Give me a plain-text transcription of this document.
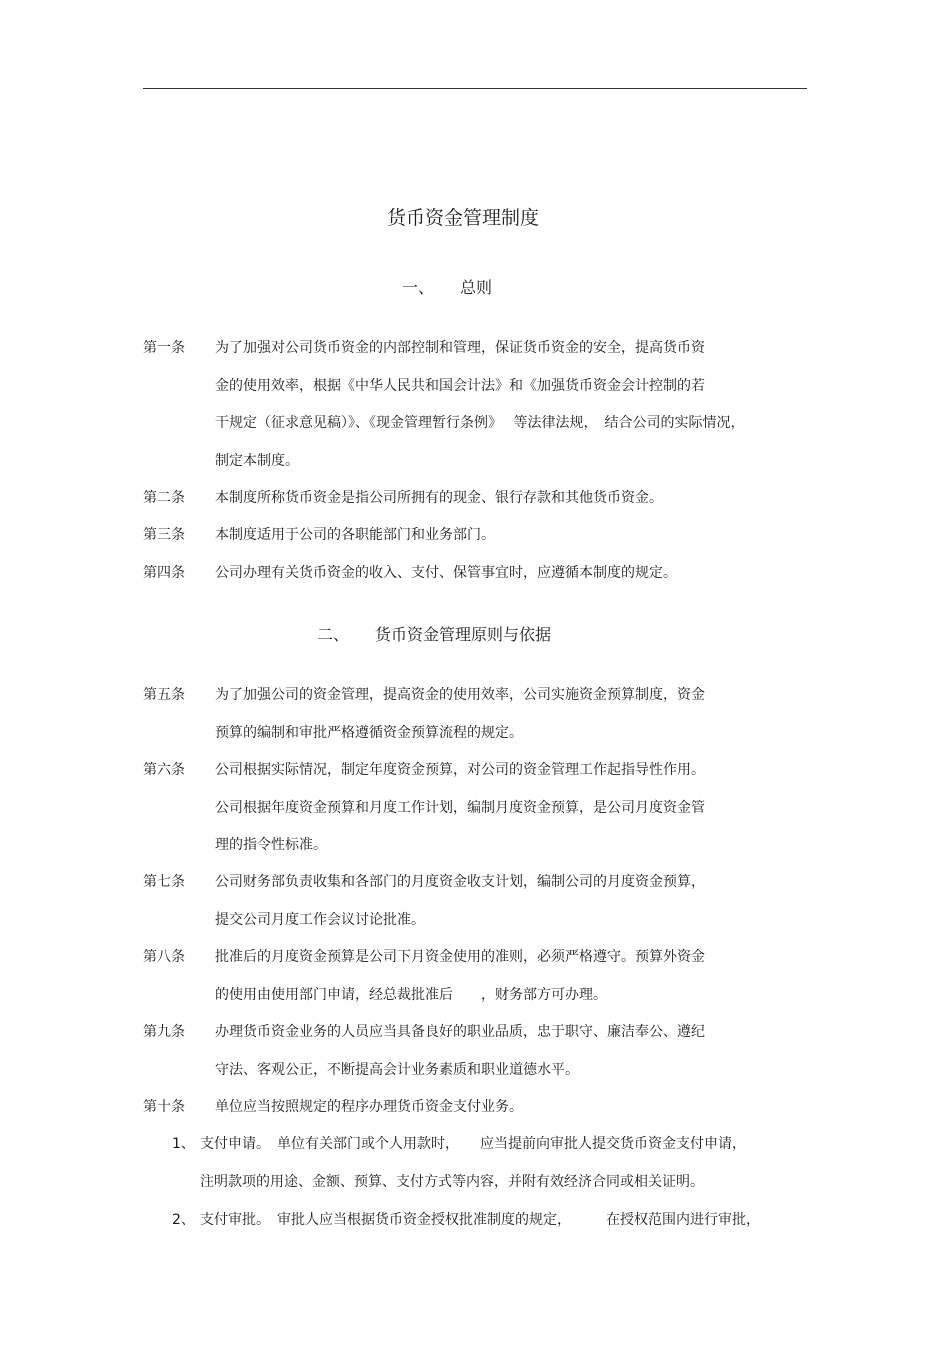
货币资金管理制度
一、 总则
二、 货币资金管理原则与依据
第一条 为了加强对公司货币资金的内部控制和管理，保证货币资金的安全，提高货币资
金的使用效率，根据《中华人民共和国会计法》和《加强货币资金会计控制的若
干规定（征求意见稿）》、《现金管理暂行条例》　 等法律法规，　结合公司的实际情况，
制定本制度。
第二条 本制度所称货币资金是指公司所拥有的现金、银行存款和其他货币资金。
第三条 本制度适用于公司的各职能部门和业务部门。
第四条 公司办理有关货币资金的收入、支付、保管事宜时，应遵循本制度的规定。
第五条 为了加强公司的资金管理，提高资金的使用效率，公司实施资金预算制度，资金
预算的编制和审批严格遵循资金预算流程的规定。
第六条 公司根据实际情况，制定年度资金预算，对公司的资金管理工作起指导性作用。
公司根据年度资金预算和月度工作计划，编制月度资金预算，是公司月度资金管
理的指令性标准。
第七条 公司财务部负责收集和各部门的月度资金收支计划，编制公司的月度资金预算，
提交公司月度工作会议讨论批准。
第八条 批准后的月度资金预算是公司下月资金使用的准则，必须严格遵守。预算外资金
的使用由使用部门申请，经总裁批准后　　，财务部方可办理。
第九条 办理货币资金业务的人员应当具备良好的职业品质，忠于职守、廉洁奉公、遵纪
守法、客观公正，不断提高会计业务素质和职业道德水平。
第十条 单位应当按照规定的程序办理货币资金支付业务。
1、 支付申请。　单位有关部门或个人用款时，　　应当提前向审批人提交货币资金支付申请，
注明款项的用途、金额、预算、支付方式等内容，并附有效经济合同或相关证明。
2、 支付审批。　审批人应当根据货币资金授权批准制度的规定，　　　在授权范围内进行审批，
